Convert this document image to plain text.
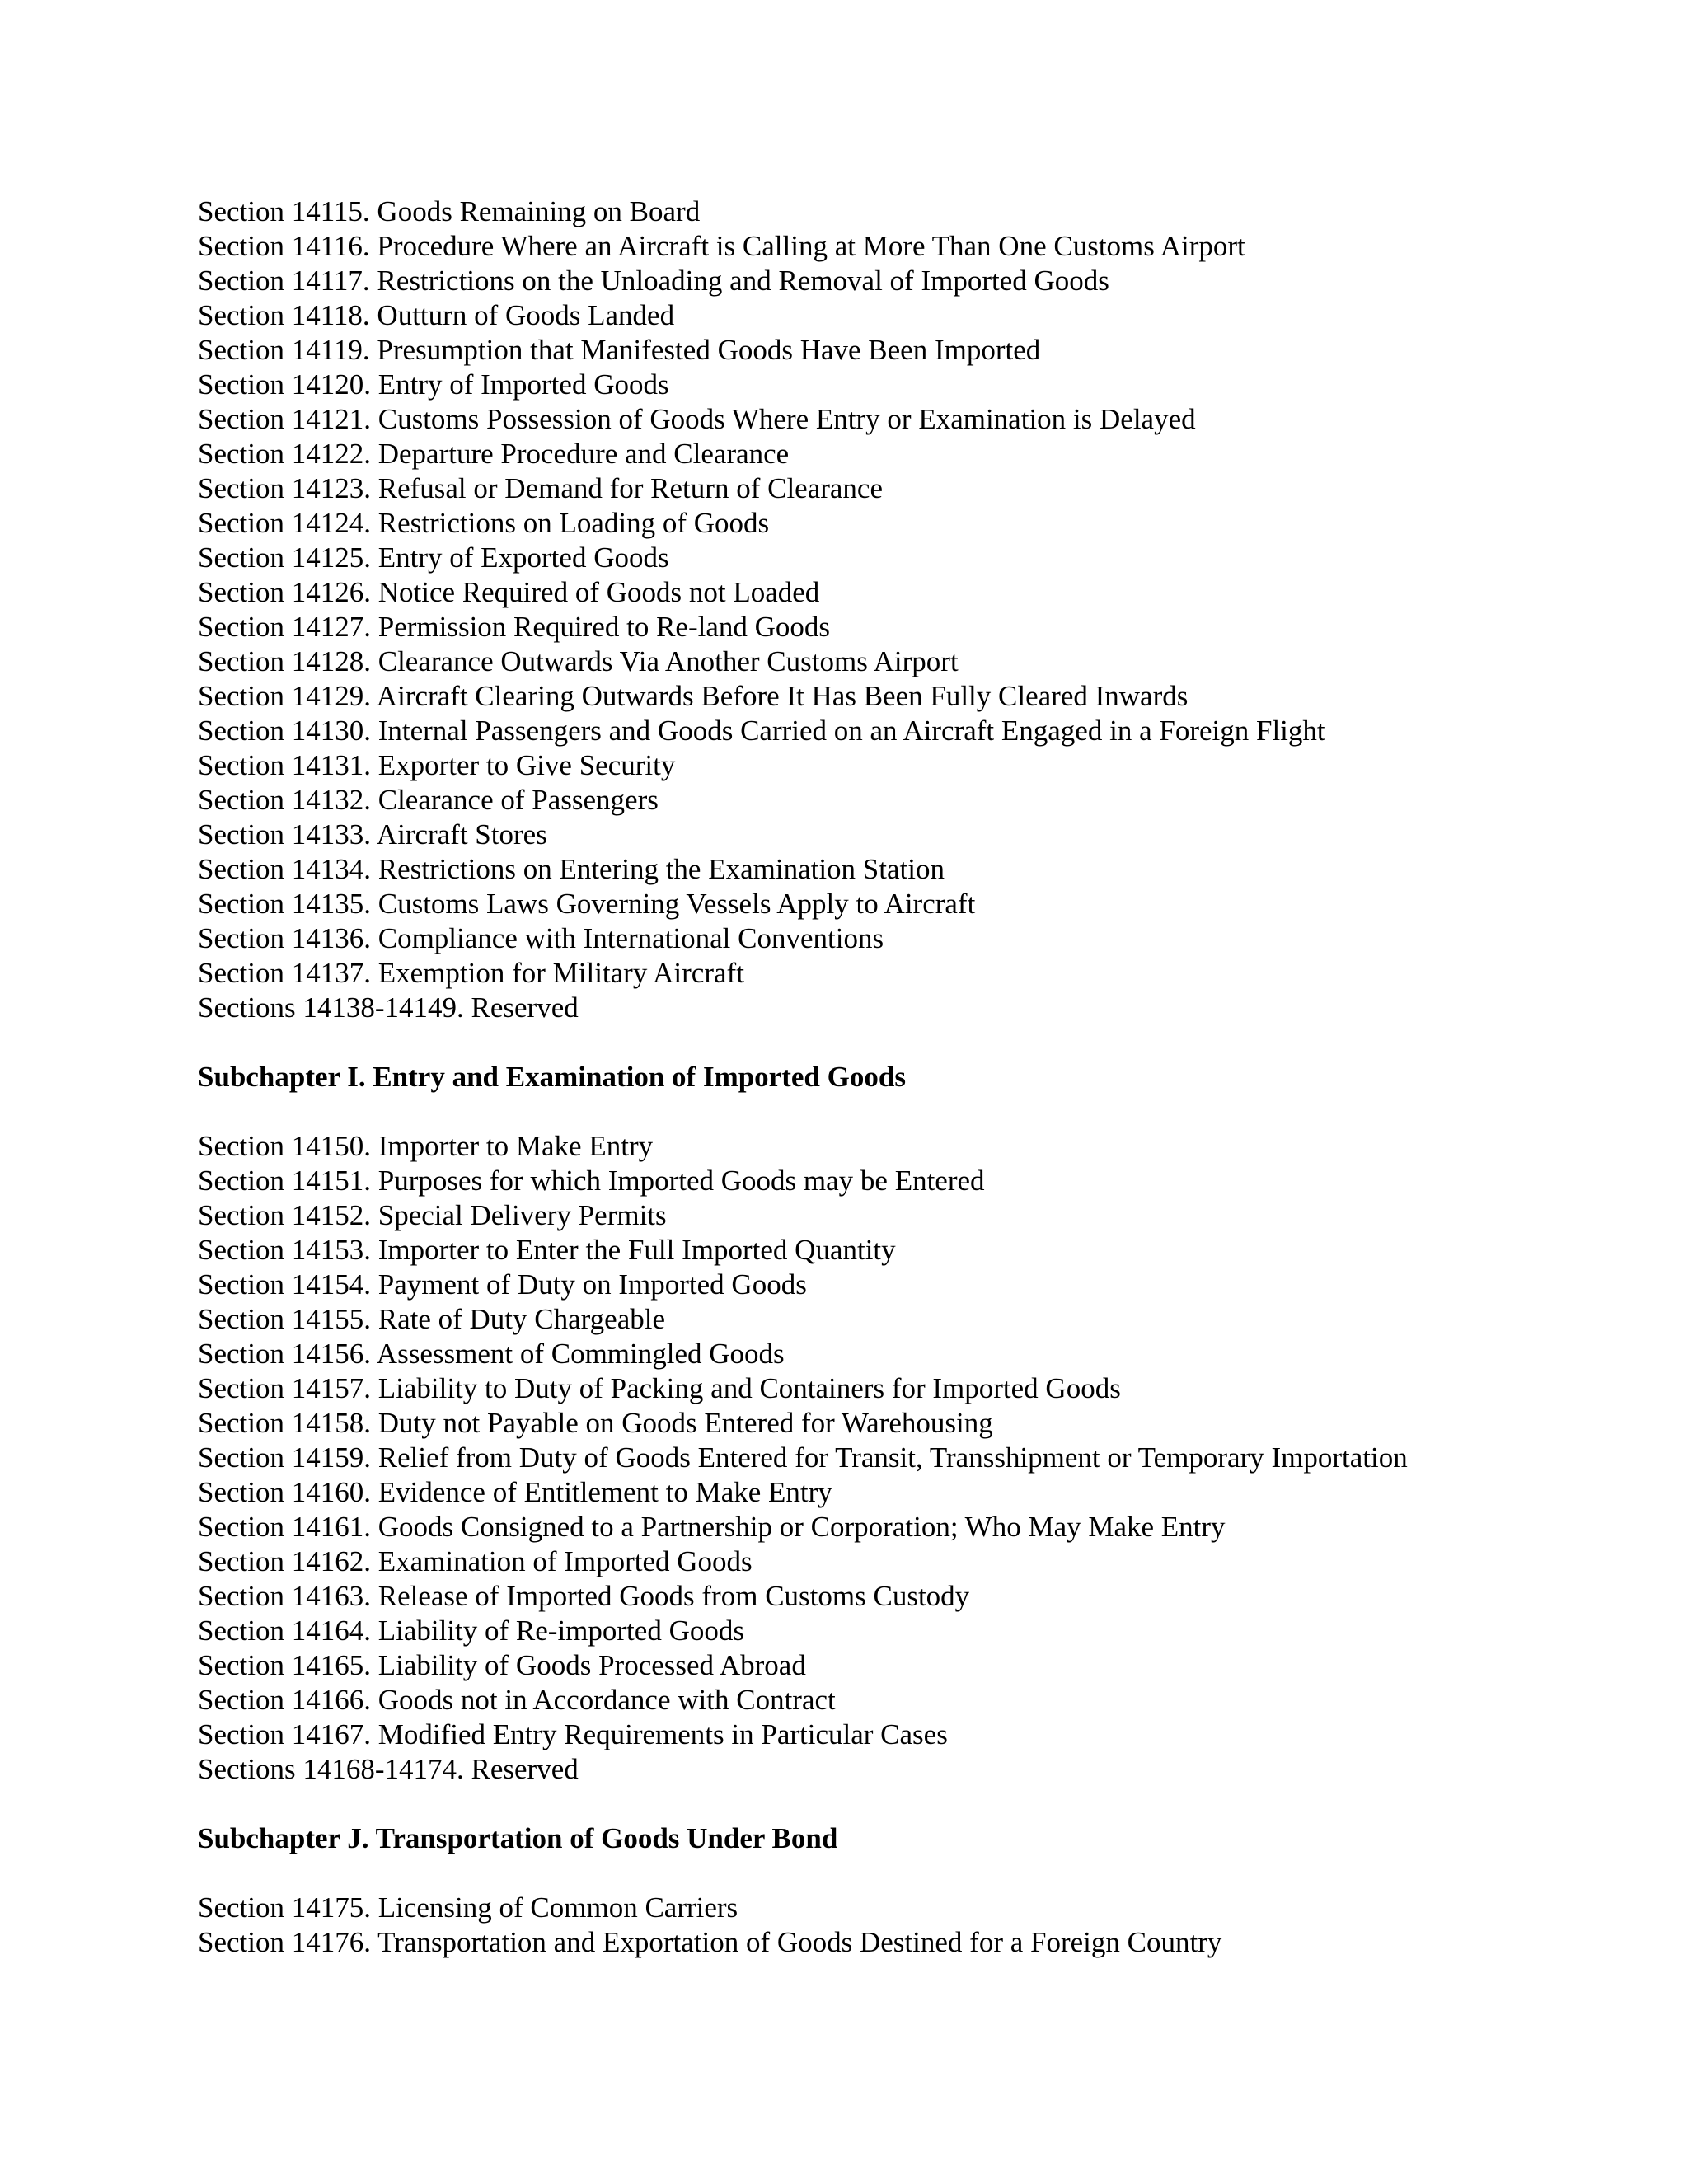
Section 14115. Goods Remaining on Board

Section 14116. Procedure Where an Aircraft is Calling at More Than One Customs Airport

Section 14117. Restrictions on the Unloading and Removal of Imported Goods

Section 14118. Outturn of Goods Landed

Section 14119. Presumption that Manifested Goods Have Been Imported

Section 14120. Entry of Imported Goods

Section 14121. Customs Possession of Goods Where Entry or Examination is Delayed

Section 14122. Departure Procedure and Clearance

Section 14123. Refusal or Demand for Return of Clearance

Section 14124. Restrictions on Loading of Goods

Section 14125. Entry of Exported Goods

Section 14126. Notice Required of Goods not Loaded

Section 14127. Permission Required to Re-land Goods

Section 14128. Clearance Outwards Via Another Customs Airport

Section 14129. Aircraft Clearing Outwards Before It Has Been Fully Cleared Inwards

Section 14130. Internal Passengers and Goods Carried on an Aircraft Engaged in a Foreign Flight

Section 14131. Exporter to Give Security

Section 14132. Clearance of Passengers

Section 14133. Aircraft Stores

Section 14134. Restrictions on Entering the Examination Station

Section 14135. Customs Laws Governing Vessels Apply to Aircraft

Section 14136. Compliance with International Conventions

Section 14137. Exemption for Military Aircraft

Sections 14138-14149. Reserved

Subchapter I. Entry and Examination of Imported Goods

Section 14150. Importer to Make Entry

Section 14151. Purposes for which Imported Goods may be Entered

Section 14152. Special Delivery Permits

Section 14153. Importer to Enter the Full Imported Quantity

Section 14154. Payment of Duty on Imported Goods

Section 14155. Rate of Duty Chargeable

Section 14156. Assessment of Commingled Goods

Section 14157. Liability to Duty of Packing and Containers for Imported Goods

Section 14158. Duty not Payable on Goods Entered for Warehousing

Section 14159. Relief from Duty of Goods Entered for Transit, Transshipment or Temporary Importation

Section 14160. Evidence of Entitlement to Make Entry

Section 14161. Goods Consigned to a Partnership or Corporation; Who May Make Entry

Section 14162. Examination of Imported Goods

Section 14163. Release of Imported Goods from Customs Custody

Section 14164. Liability of Re-imported Goods

Section 14165. Liability of Goods Processed Abroad

Section 14166. Goods not in Accordance with Contract

Section 14167. Modified Entry Requirements in Particular Cases

Sections 14168-14174. Reserved

Subchapter J. Transportation of Goods Under Bond

Section 14175. Licensing of Common Carriers

Section 14176. Transportation and Exportation of Goods Destined for a Foreign Country
